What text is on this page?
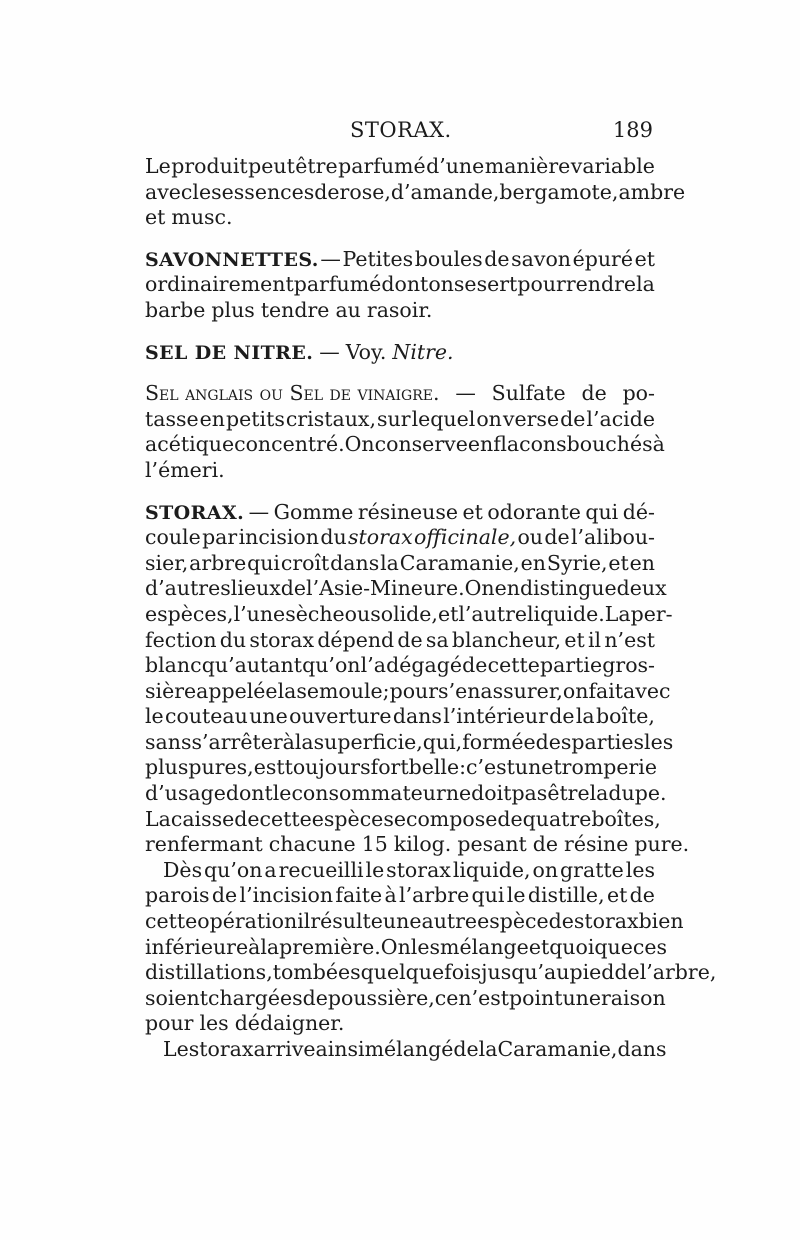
STORAX.	189
Le produit peut être parfumé d’une manière variable
avec les essences de rose, d’amande, bergamote, ambre
et musc.
SAVONNETTES. — Petites boules de savon épuré et
ordinairement parfumé dont on se sert pour rendre la
barbe plus tendre au rasoir.
SEL DE NITRE. — Voy. Nitre.
Sel anglais ou Sel de vinaigre. — Sulfate de po-
tasse en petits cristaux, sur lequel on verse de l’acide
acétique concentré. On conserve en flacons bouchés à
l’émeri.
STORAX. — Gomme résineuse et odorante qui dé-
coule par incision du storax officinale, ou de l’alibou-
sier, arbre qui croît dans la Caramanie, en Syrie, et en
d’autres lieux de l’Asie-Mineure. On en distingue deux
espèces, l’une sèche ou solide, et l’autre liquide. La per-
fection du storax dépend de sa blancheur, et il n’est
blanc qu’autant qu’on l’a dégagé de cette partie gros-
sière appelée la semoule; pour s’en assurer, on fait avec
le couteau une ouverture dans l’intérieur de la boîte,
sans s’arrêter à la superficie, qui, formée des parties les
plus pures, est toujours fort belle : c’est une tromperie
d’usage dont le consommateur ne doit pas être la dupe.
La caisse de cette espèce se compose de quatre boîtes,
renfermant chacune 15 kilog. pesant de résine pure.
Dès qu’on a recueilli le storax liquide, on gratte les
parois de l’incision faite à l’arbre qui le distille, et de
cette opération il résulte une autre espèce de storax bien
inférieure à la première. On les mélange et quoique ces
distillations, tombées quelquefois jusqu’au pied de l’arbre,
soient chargées de poussière, ce n’est point une raison
pour les dédaigner.
Le storax arrive ainsi mélangé de la Caramanie, dans
